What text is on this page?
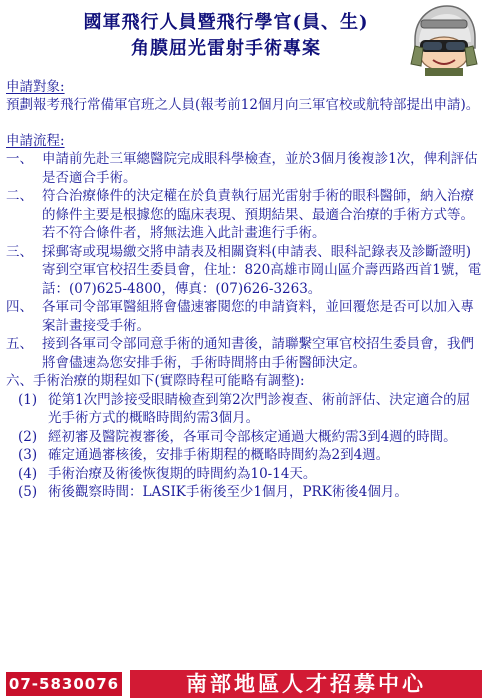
國軍飛行人員暨飛行學官(員、生)
角膜屈光雷射手術專案
申請對象:
預劃報考飛行常備軍官班之人員(報考前12個月向三軍官校或航特部提出申請)。
申請流程:
一、 申請前先赴三軍總醫院完成眼科學檢查，並於3個月後複診1次，俾利評估是否適合手術。
二、 符合治療條件的決定權在於負責執行屈光雷射手術的眼科醫師，納入治療的條件主要是根據您的臨床表現、預期結果、最適合治療的手術方式等。若不符合條件者，將無法進入此計畫進行手術。
三、 採郵寄或現場繳交將申請表及相關資料(申請表、眼科記錄表及診斷證明)寄到空軍官校招生委員會，住址：820高雄市岡山區介壽西路西首1號，電話：(07)625-4800，傳真：(07)626-3263。
四、 各軍司令部軍醫組將會儘速審閱您的申請資料，並回覆您是否可以加入專案計畫接受手術。
五、 接到各軍司令部同意手術的通知書後，請聯繫空軍官校招生委員會，我們將會儘速為您安排手術，手術時間將由手術醫師決定。
六、手術治療的期程如下(實際時程可能略有調整):
(1) 從第1次門診接受眼睛檢查到第2次門診複查、術前評估、決定適合的屈光手術方式的概略時間約需3個月。
(2) 經初審及醫院複審後，各軍司令部核定通過大概約需3到4週的時間。
(3) 確定通過審核後，安排手術期程的概略時間約為2到4週。
(4) 手術治療及術後恢復期的時間約為10-14天。
(5) 術後觀察時間：LASIK手術後至少1個月，PRK術後4個月。
07-5830076	南部地區人才招募中心
